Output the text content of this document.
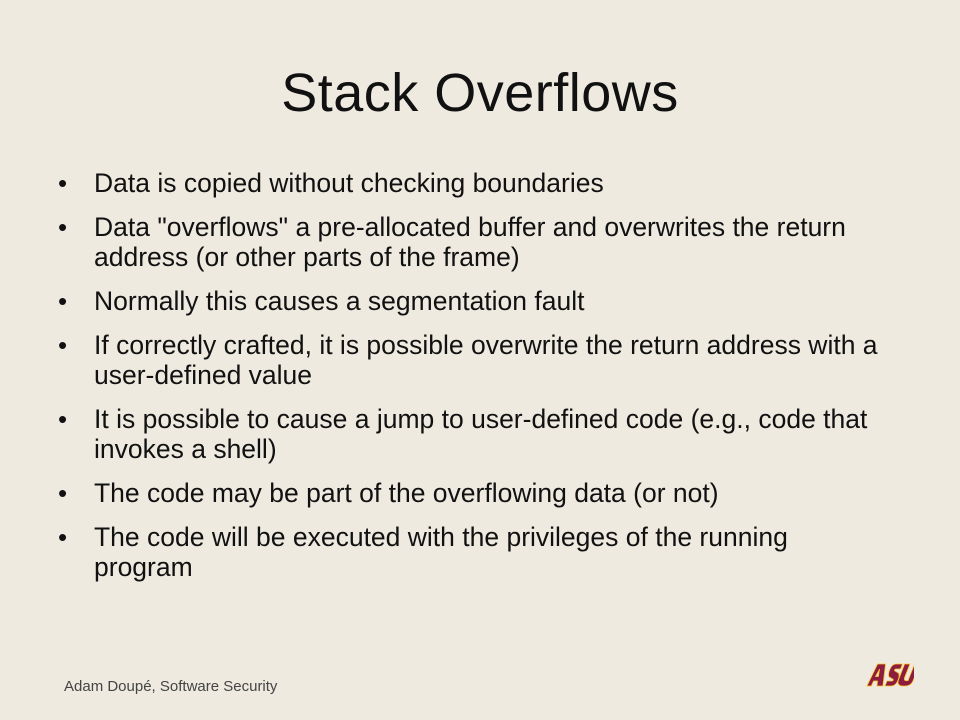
Stack Overflows
•	Data is copied without checking boundaries
•	Data "overflows" a pre-allocated buffer and overwrites the return address (or other parts of the frame)
•	Normally this causes a segmentation fault
•	If correctly crafted, it is possible overwrite the return address with a user-defined value
•	It is possible to cause a jump to user-defined code (e.g., code that invokes a shell)
•	The code may be part of the overflowing data (or not)
•	The code will be executed with the privileges of the running program
Adam Doupé, Software Security
